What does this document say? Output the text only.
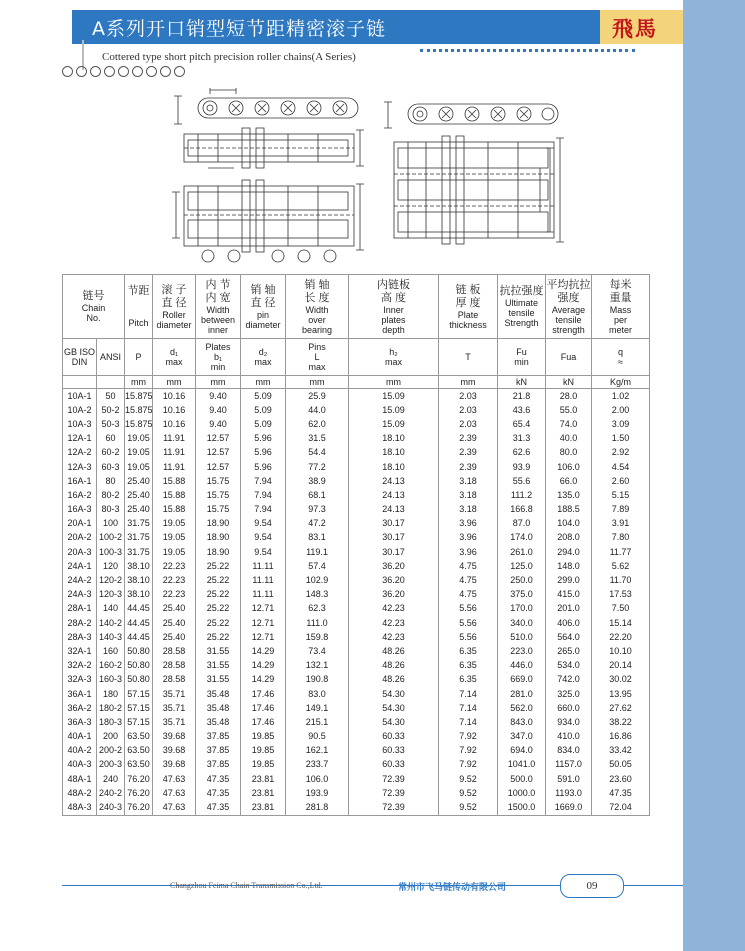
A系列开口销型短节距精密滚子链	飛馬
Cottered type short pitch precision roller chains(A Series)
链号
Chain
No.		节距

Pitch	滚 子
直 径
Roller
diameter	内 节
内 宽
Width
between
inner	销 轴
直 径
pin
diameter	销 轴
长 度
Width
over
bearing	内链板
高 度
Inner
plates
depth	链 板
厚 度
Plate
thickness	抗拉强度
Ultimate
tensile
Strength	平均抗拉
强度
Average
tensile
strength	每米
重量
Mass
per
meter

GB ISO DIN	ANSI	P	d₁
max	Plates
b₁
min	d₂
max	Pins
L
max	h₂
max	T	Fu
min	Fua	q
≈

		mm	mm	mm	mm	mm	mm	mm	kN	kN	Kg/m
10A-1	50	15.875	10.16	9.40	5.09	25.9	15.09	2.03	21.8	28.0	1.02
10A-2	50-2	15.875	10.16	9.40	5.09	44.0	15.09	2.03	43.6	55.0	2.00
10A-3	50-3	15.875	10.16	9.40	5.09	62.0	15.09	2.03	65.4	74.0	3.09
12A-1	60	19.05	11.91	12.57	5.96	31.5	18.10	2.39	31.3	40.0	1.50
12A-2	60-2	19.05	11.91	12.57	5.96	54.4	18.10	2.39	62.6	80.0	2.92
12A-3	60-3	19.05	11.91	12.57	5.96	77.2	18.10	2.39	93.9	106.0	4.54
16A-1	80	25.40	15.88	15.75	7.94	38.9	24.13	3.18	55.6	66.0	2.60
16A-2	80-2	25.40	15.88	15.75	7.94	68.1	24.13	3.18	111.2	135.0	5.15
16A-3	80-3	25.40	15.88	15.75	7.94	97.3	24.13	3.18	166.8	188.5	7.89
20A-1	100	31.75	19.05	18.90	9.54	47.2	30.17	3.96	87.0	104.0	3.91
20A-2	100-2	31.75	19.05	18.90	9.54	83.1	30.17	3.96	174.0	208.0	7.80
20A-3	100-3	31.75	19.05	18.90	9.54	119.1	30.17	3.96	261.0	294.0	11.77
24A-1	120	38.10	22.23	25.22	11.11	57.4	36.20	4.75	125.0	148.0	5.62
24A-2	120-2	38.10	22.23	25.22	11.11	102.9	36.20	4.75	250.0	299.0	11.70
24A-3	120-3	38.10	22.23	25.22	11.11	148.3	36.20	4.75	375.0	415.0	17.53
28A-1	140	44.45	25.40	25.22	12.71	62.3	42.23	5.56	170.0	201.0	7.50
28A-2	140-2	44.45	25.40	25.22	12.71	111.0	42.23	5.56	340.0	406.0	15.14
28A-3	140-3	44.45	25.40	25.22	12.71	159.8	42.23	5.56	510.0	564.0	22.20
32A-1	160	50.80	28.58	31.55	14.29	73.4	48.26	6.35	223.0	265.0	10.10
32A-2	160-2	50.80	28.58	31.55	14.29	132.1	48.26	6.35	446.0	534.0	20.14
32A-3	160-3	50.80	28.58	31.55	14.29	190.8	48.26	6.35	669.0	742.0	30.02
36A-1	180	57.15	35.71	35.48	17.46	83.0	54.30	7.14	281.0	325.0	13.95
36A-2	180-2	57.15	35.71	35.48	17.46	149.1	54.30	7.14	562.0	660.0	27.62
36A-3	180-3	57.15	35.71	35.48	17.46	215.1	54.30	7.14	843.0	934.0	38.22
40A-1	200	63.50	39.68	37.85	19.85	90.5	60.33	7.92	347.0	410.0	16.86
40A-2	200-2	63.50	39.68	37.85	19.85	162.1	60.33	7.92	694.0	834.0	33.42
40A-3	200-3	63.50	39.68	37.85	19.85	233.7	60.33	7.92	1041.0	1157.0	50.05
48A-1	240	76.20	47.63	47.35	23.81	106.0	72.39	9.52	500.0	591.0	23.60
48A-2	240-2	76.20	47.63	47.35	23.81	193.9	72.39	9.52	1000.0	1193.0	47.35
48A-3	240-3	76.20	47.63	47.35	23.81	281.8	72.39	9.52	1500.0	1669.0	72.04
Changzhou Feima Chain Transmission Co.,Ltd.	常州市飞马链传动有限公司	09
